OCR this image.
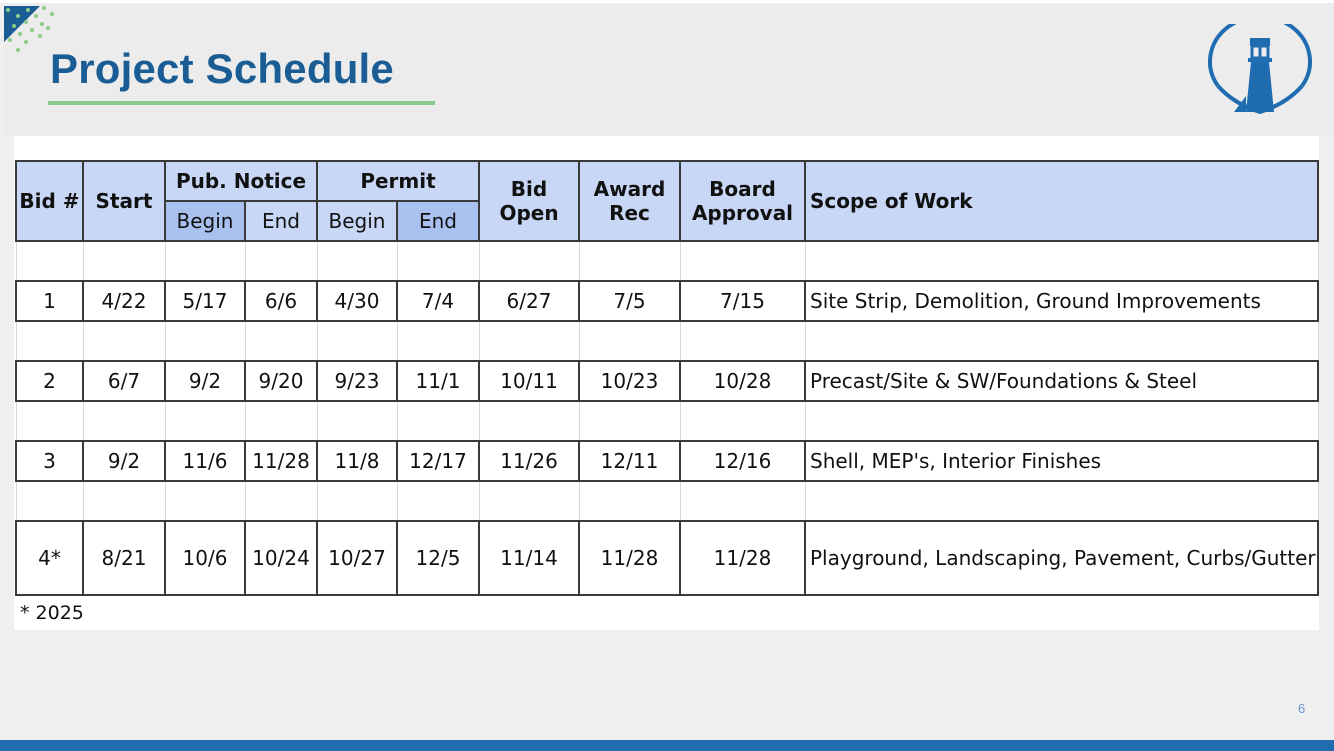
Project Schedule
Bid #	Start	Pub. Notice		Permit		Bid Open	Award Rec	Board Approval	Scope of Work
		Begin	End	Begin	End				

1	4/22	5/17	6/6	4/30	7/4	6/27	7/5	7/15	Site Strip, Demolition, Ground Improvements

2	6/7	9/2	9/20	9/23	11/1	10/11	10/23	10/28	Precast/Site & SW/Foundations & Steel

3	9/2	11/6	11/28	11/8	12/17	11/26	12/11	12/16	Shell, MEP's, Interior Finishes

4*	8/21	10/6	10/24	10/27	12/5	11/14	11/28	11/28	Playground, Landscaping, Pavement, Curbs/Gutter
* 2025
6
